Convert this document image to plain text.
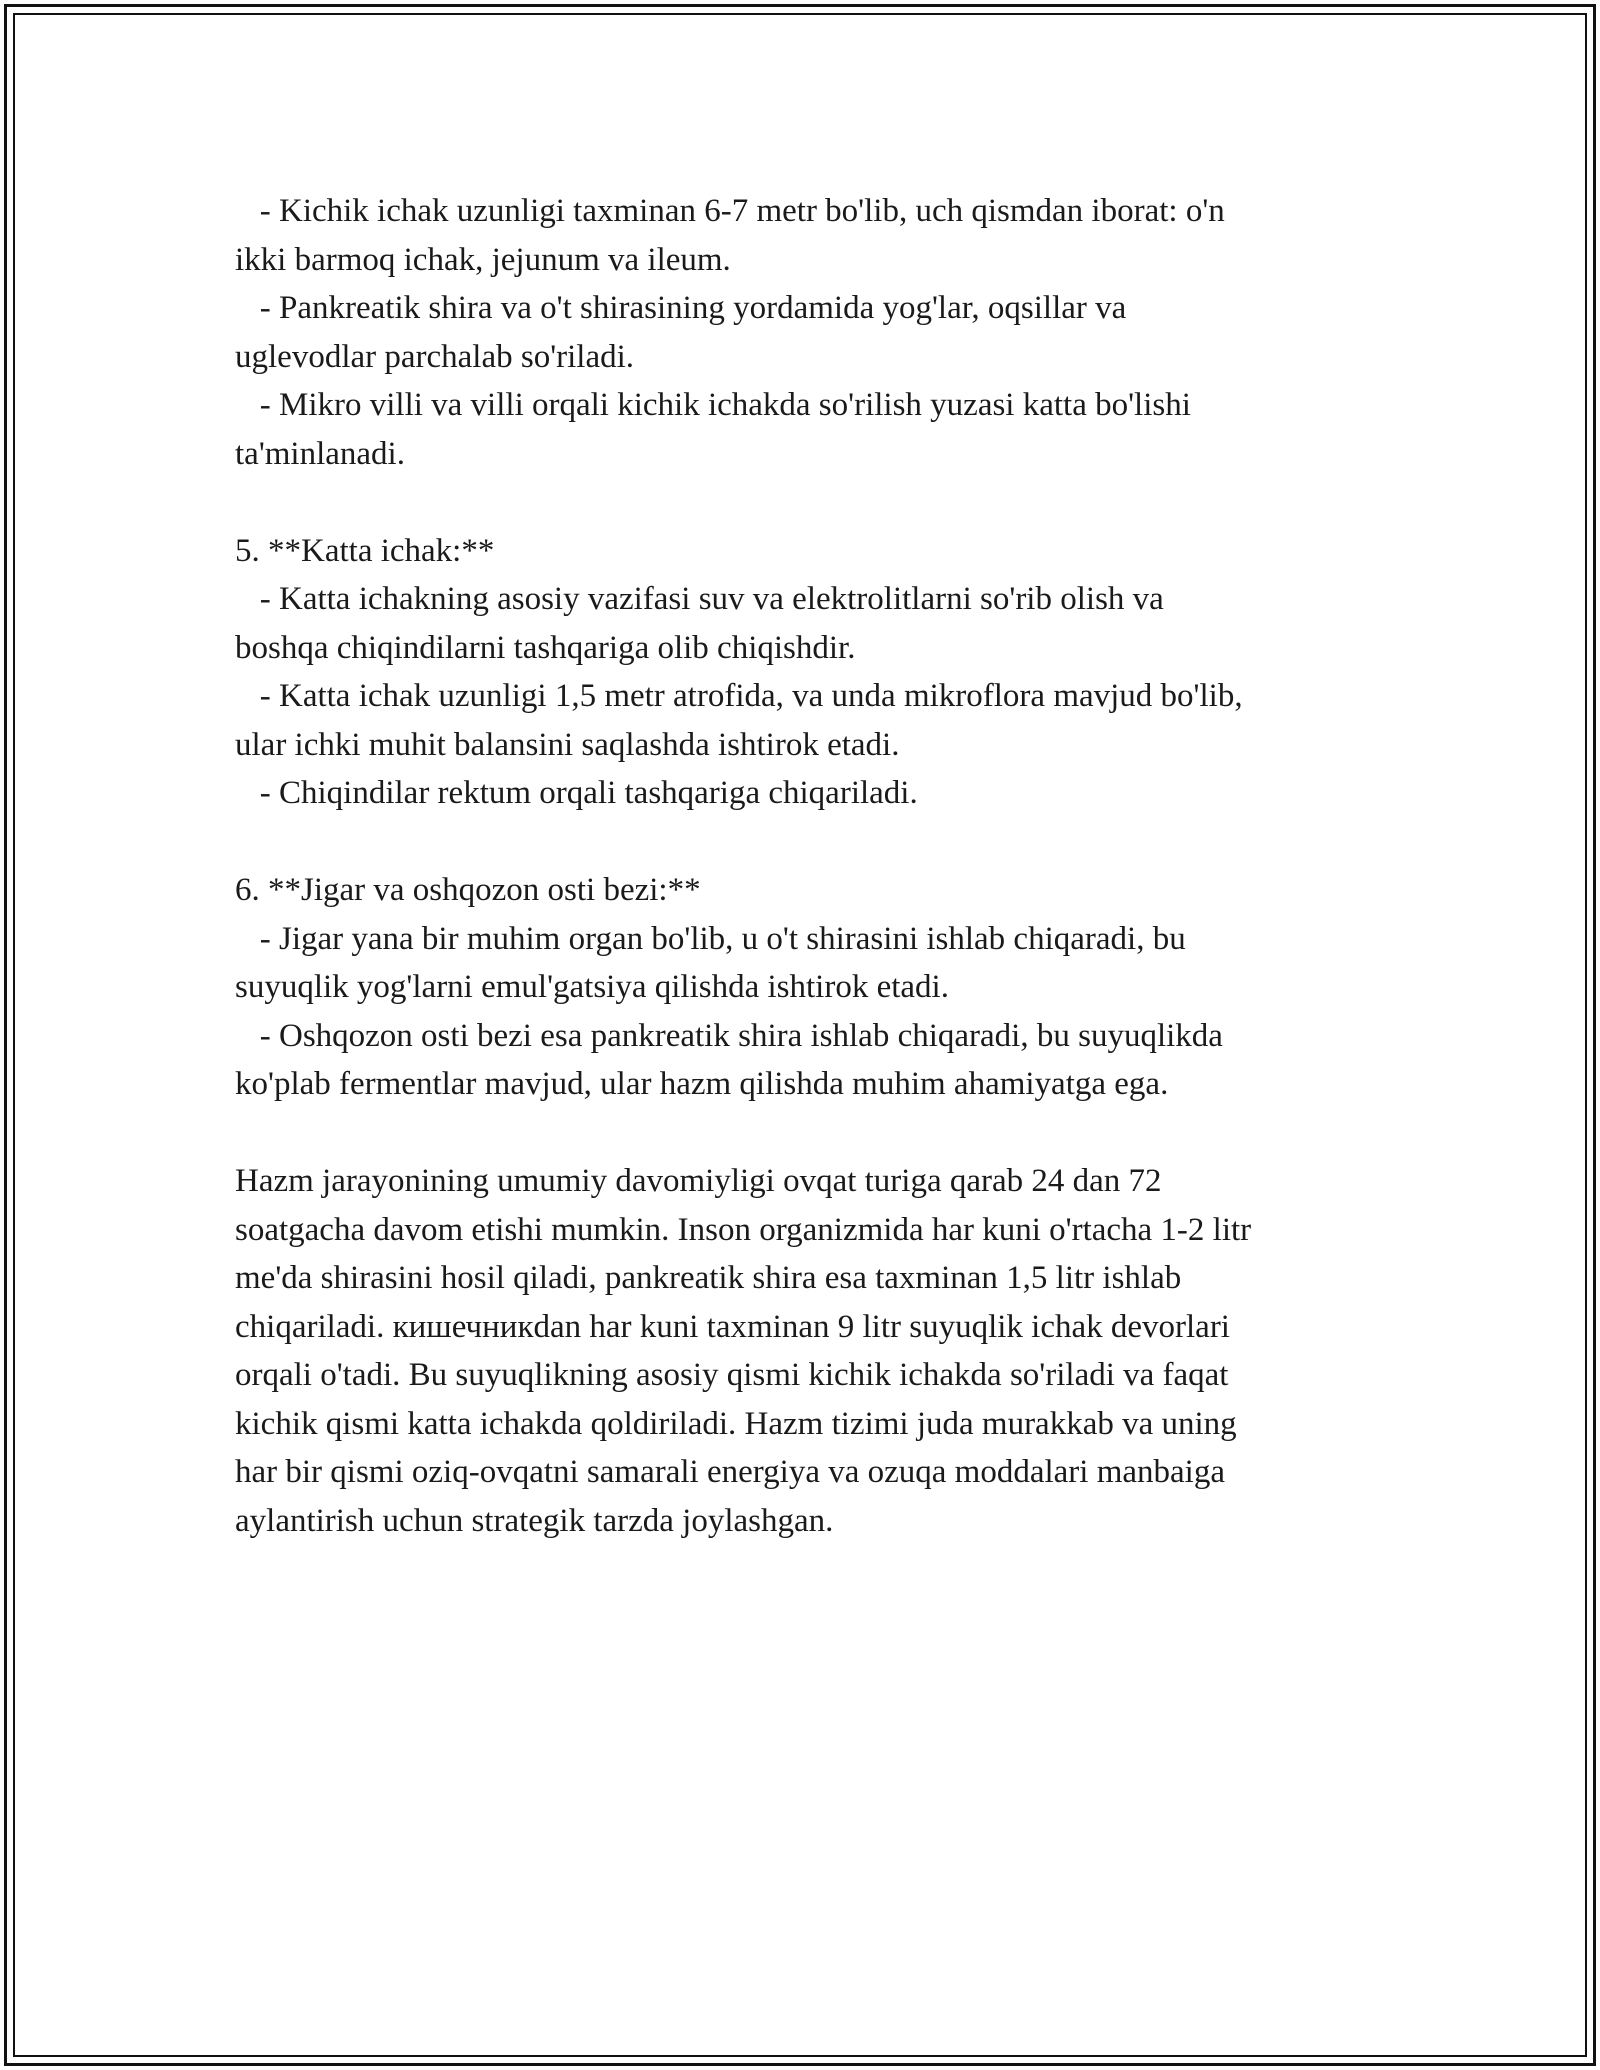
- Kichik ichak uzunligi taxminan 6-7 metr bo'lib, uch qismdan iborat: o'n
ikki barmoq ichak, jejunum va ileum.
- Pankreatik shira va o't shirasining yordamida yog'lar, oqsillar va
uglevodlar parchalab so'riladi.
- Mikro villi va villi orqali kichik ichakda so'rilish yuzasi katta bo'lishi
ta'minlanadi.
5. **Katta ichak:**
- Katta ichakning asosiy vazifasi suv va elektrolitlarni so'rib olish va
boshqa chiqindilarni tashqariga olib chiqishdir.
- Katta ichak uzunligi 1,5 metr atrofida, va unda mikroflora mavjud bo'lib,
ular ichki muhit balansini saqlashda ishtirok etadi.
- Chiqindilar rektum orqali tashqariga chiqariladi.
6. **Jigar va oshqozon osti bezi:**
- Jigar yana bir muhim organ bo'lib, u o't shirasini ishlab chiqaradi, bu
suyuqlik yog'larni emul'gatsiya qilishda ishtirok etadi.
- Oshqozon osti bezi esa pankreatik shira ishlab chiqaradi, bu suyuqlikda
ko'plab fermentlar mavjud, ular hazm qilishda muhim ahamiyatga ega.
Hazm jarayonining umumiy davomiyligi ovqat turiga qarab 24 dan 72
soatgacha davom etishi mumkin. Inson organizmida har kuni o'rtacha 1-2 litr
me'da shirasini hosil qiladi, pankreatik shira esa taxminan 1,5 litr ishlab
chiqariladi. кишечникdan har kuni taxminan 9 litr suyuqlik ichak devorlari
orqali o'tadi. Bu suyuqlikning asosiy qismi kichik ichakda so'riladi va faqat
kichik qismi katta ichakda qoldiriladi. Hazm tizimi juda murakkab va uning
har bir qismi oziq-ovqatni samarali energiya va ozuqa moddalari manbaiga
aylantirish uchun strategik tarzda joylashgan.
